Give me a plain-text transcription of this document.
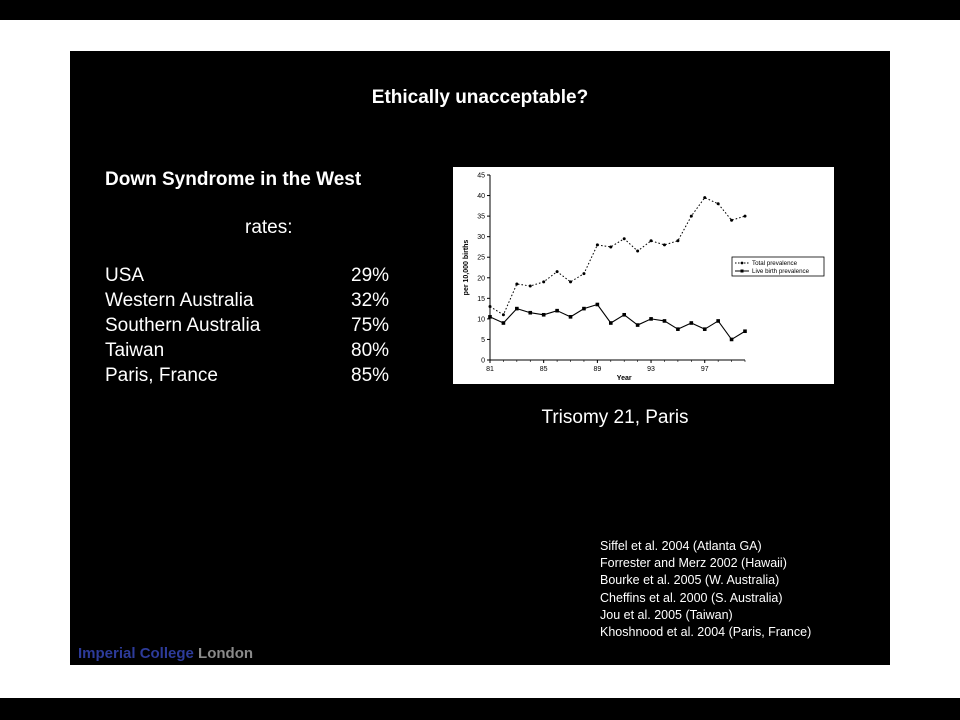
Ethically unacceptable?
Down Syndrome in the West
rates:
USA	29%
Western Australia	32%
Southern Australia	75%
Taiwan	80%
Paris, France	85%
0
5
10
15
20
25
30
35
40
45
81	85	89	93	97
Year
per 10,000 births	Total prevalence
Live birth prevalence
Trisomy 21, Paris
Siffel et al. 2004 (Atlanta GA)
Forrester and Merz 2002 (Hawaii)
Bourke et al. 2005 (W. Australia)
Cheffins et al. 2000 (S. Australia)
Jou et al. 2005 (Taiwan)
Khoshnood et al. 2004 (Paris, France)
Imperial College London
